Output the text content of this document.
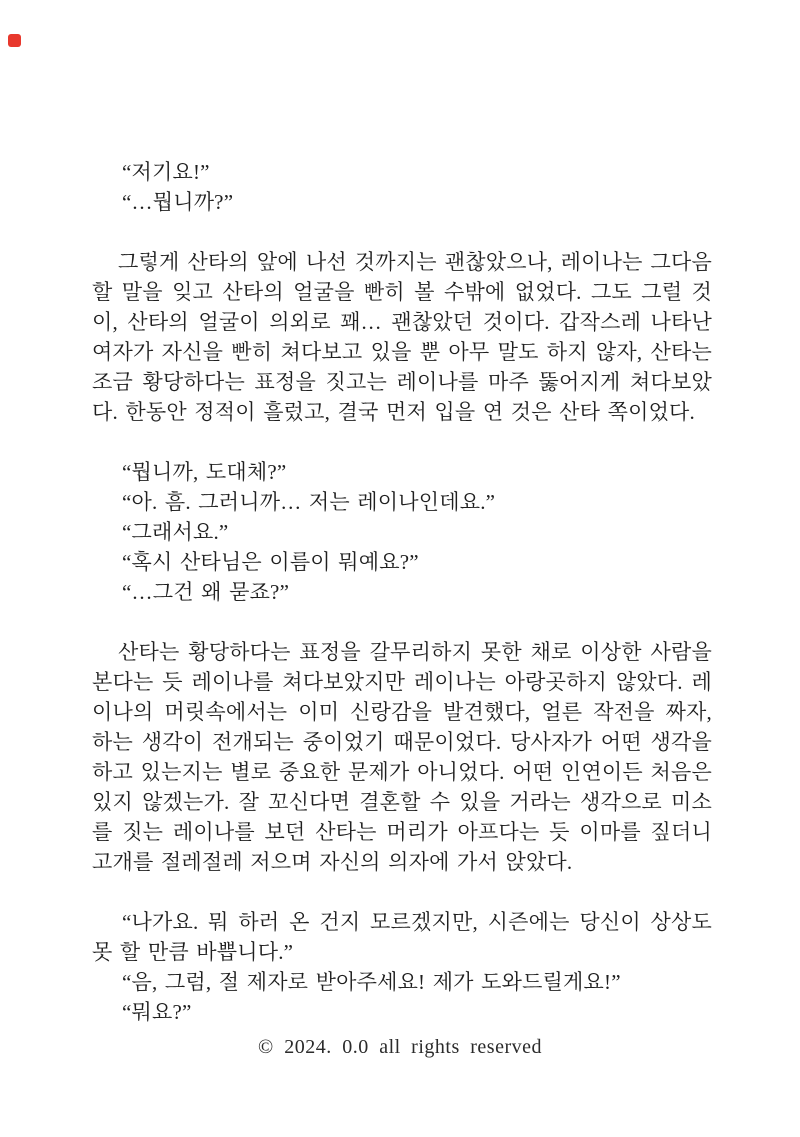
“저기요!”

“…뭡니까?”

그렇게 산타의 앞에 나선 것까지는 괜찮았으나, 레이나는 그다음 할 말을 잊고 산타의 얼굴을 빤히 볼 수밖에 없었다. 그도 그럴 것이, 산타의 얼굴이 의외로 꽤… 괜찮았던 것이다. 갑작스레 나타난 여자가 자신을 빤히 쳐다보고 있을 뿐 아무 말도 하지 않자, 산타는 조금 황당하다는 표정을 짓고는 레이나를 마주 뚫어지게 쳐다보았다. 한동안 정적이 흘렀고, 결국 먼저 입을 연 것은 산타 쪽이었다.

“뭡니까, 도대체?”

“아. 흠. 그러니까… 저는 레이나인데요.”

“그래서요.”

“혹시 산타님은 이름이 뭐예요?”

“…그건 왜 묻죠?”

산타는 황당하다는 표정을 갈무리하지 못한 채로 이상한 사람을 본다는 듯 레이나를 쳐다보았지만 레이나는 아랑곳하지 않았다. 레이나의 머릿속에서는 이미 신랑감을 발견했다, 얼른 작전을 짜자, 하는 생각이 전개되는 중이었기 때문이었다. 당사자가 어떤 생각을 하고 있는지는 별로 중요한 문제가 아니었다. 어떤 인연이든 처음은 있지 않겠는가. 잘 꼬신다면 결혼할 수 있을 거라는 생각으로 미소를 짓는 레이나를 보던 산타는 머리가 아프다는 듯 이마를 짚더니 고개를 절레절레 저으며 자신의 의자에 가서 앉았다.

“나가요. 뭐 하러 온 건지 모르겠지만, 시즌에는 당신이 상상도 못 할 만큼 바쁩니다.”

“음, 그럼, 절 제자로 받아주세요! 제가 도와드릴게요!”

“뭐요?”

© 2024. 0.0 all rights reserved
